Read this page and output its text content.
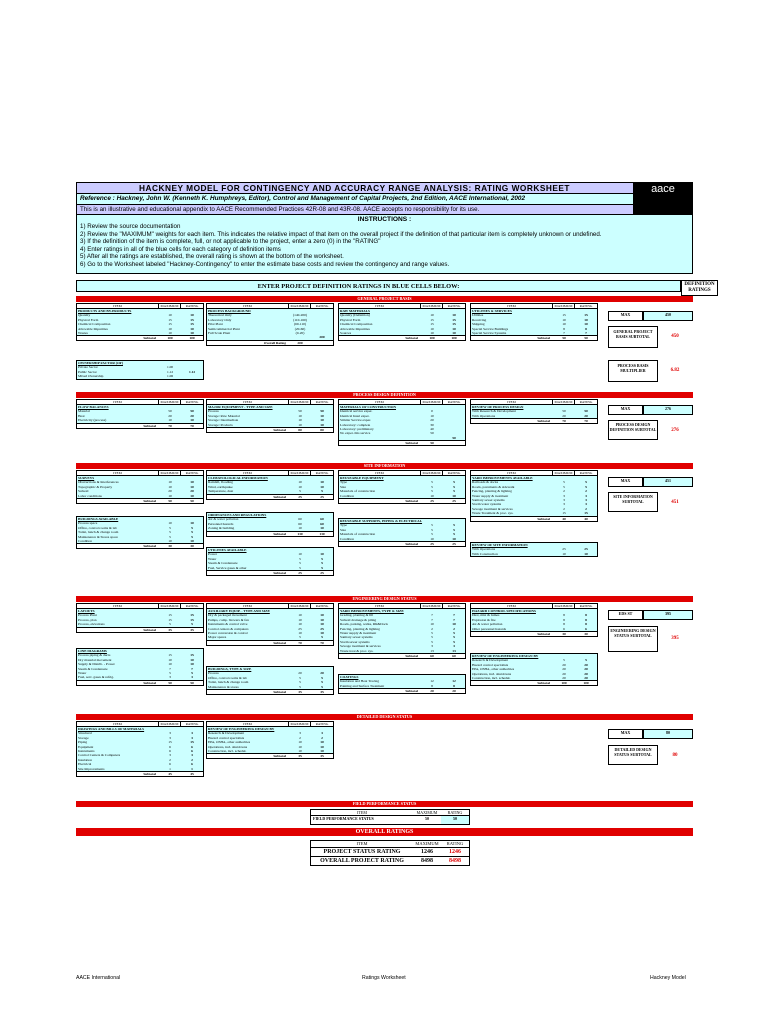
HACKNEY MODEL FOR CONTINGENCY AND ACCURACY RANGE ANALYSIS: RATING WORKSHEET
Reference : Hackney, John W. (Kenneth K. Humphreys, Editor), Control and Management of Capital Projects, 2nd Edition, AACE International, 2002
This is an illustrative and educational appendix to AACE Recommended Practices 42R-08 and 43R-08. AACE accepts no responsibility for its use.
aace
INSTRUCTIONS :
1) Review the source documentation
2) Review the "MAXIMUM" weights for each item. This indicates the relative impact of that item on the overall project if the definition of that particular item is completely unknown or undefined.
3) If the definition of the item is complete, full, or not applicable to the project, enter a zero (0) in the "RATING"
4) Enter ratings in all of the blue cells for each category of definition items
5) After all the ratings are established, the overall rating is shown at the bottom of the worksheet.
6) Go to the Worksheet labeled "Hackney-Contingency" to enter the estimate base costs and review the contingency and range values.
ENTER PROJECT DEFINITION RATINGS IN BLUE CELLS BELOW:	DEFINITION RATINGS
GENERAL PROJECT BASIS
PROCESS DESIGN DEFINITION
SITE INFORMATION
ENGINEERING DESIGN STATUS
DETAILED DESIGN STATUS
FIELD PERFORMANCE STATUS
OVERALL RATINGS
ITEM	MAXIMUM	RATING
PRODUCTS AND BY-PRODUCTS
Quantity	10	10
Physical Form	15	15
Chemical Composition	15	15
Allowable Impurities	10	10
Wastes	10	10
Subtotal	100	100
ITEM	MAXIMUM	RATING
PROCESS BACKGROUND
Theoretical Only	(140-200)
Laboratory Only	(110-160)
Pilot Plant	(60-110)
Semicommercial Plant	(20-60)
Full Scale Plant	(0-20)
200
Overall Rating	200
ITEM	MAXIMUM	RATING
RAW MATERIALS
Quantity (Definition)	10	10
Physical Form	15	15
Chemical Composition	15	15
Allowable Impurities	10	10
Sources	10	10
Subtotal	100	100
ITEM	MAXIMUM	RATING
UTILITIES & SERVICES
Utilities	15	15
Receiving	10	10
Shipping	10	10
Special Service Buildings	8	8
Special Service Systems	7	7
Subtotal	50	50
OWNERSHIP FACTOR (OF)
Private Sector	1.00
Public Sector	1.12	1.12
Mixed Ownership	1.06
ITEM	MAXIMUM	RATING
FLOW BALANCES
Material	50	50
Heat	20	20
Electricity (process)	10	10
Subtotal	70	70
ITEM	MAXIMUM	RATING
MAJOR EQUIPMENT - TYPE AND SIZE
Process	50	50
Storage: Raw Material	10	10
Storage: Intermediate	10	10
Storage: Products	10	10
Subtotal	80	80
ITEM	MAXIMUM	RATING
MATERIALS OF CONSTRUCTION
Identical service exper.	0
Identical Insul exper.	10
Similar Service exper.	20
Laboratory: complete	30
Laboratory: preliminary	40
No exper. this service	50
50
Subtotal	50
ITEM	MAXIMUM	RATING
REVIEW OF PROCESS DESIGN
With Research & Development	50	50
With Operations	20	20
Subtotal	70	70
ITEM	MAXIMUM	RATING
SURVEYS
Obstructions & Interferences	10	10
Topographic & Property	10	10
Subsoil	20	20
Labor conditions	10	10
Subtotal	50	50
BUILDINGS AVAILABLE
Process space	10	10
Office, control rooms & lab	5	5
Toilet, lunch & change room	5	5
Maintenance & Stores space	5	5
Condition	10	10
Subtotal	30	30
ITEM	MAXIMUM	RATING
CLIMATOLOGICAL INFORMATION
Rainfall, flooding	10	10
Wind, earthquake	10	10
Temperature, dust	5	5
Subtotal	25	25
ORDINANCES AND REGULATIONS
Air & water pollution	60	60
Personnel hazards	60	60
Zoning & building	10	10
Subtotal	130	130
UTILITIES AVAILABLE
Power	10	10
Water	5	5
Steam & Condensate	5	5
Fuel, Service gases & other	5	5
Subtotal	25	25
ITEM	MAXIMUM	RATING
REUSEABLE EQUIPMENT
Type	5	5
Size	5	5
Materials of construction	5	5
Condition	10	10
Subtotal	25	25
REUSEABLE SUPPORTS, PIPING & ELECTRICAL
Type	5	5
Size	5	5
Materials of construction	5	5
Condition	10	10
Subtotal	25	25
ITEM	MAXIMUM	RATING
YARD IMPROVEMENTS AVAILABLE
Railroads & docks	5	5
Roads, pavements & sidewalk	5	5
Fencing, planting & lighting	2	2
Water supply & treatment	3	3
Sanitary sewer systems	3	3
Storm water systems	3	3
Sewage treatment & services	2	2
Waste Treatment & proc. sys.	15	15
Subtotal	40	40
REVIEW OF SITE INFORMATION
With Operations	25	25
With Construction	10	10
ITEM	MAXIMUM	RATING
LAYOUTS
Process Plant	15	15
Process, plan	15	15
Process, elevations	5	5
Subtotal	35	35
LINE DIAGRAMS
Process piping & ducts	15	15
Dry material movement	10	10
Supply & Distrib. - Power	10	10
Steam & Condensate	7	7
Water	5	5
Fuel, serv. gases & refrig.	3	3
Subtotal	50	50
ITEM	MAXIMUM	RATING
AUXILIARY EQUIP. - TYPE AND SIZE
Dry & packaged movement	10	10
Pumps, comp. blowers & fan	10	10
Instruments & control valve	10	10
Control centers & computers	25	25
Power conversion & control	10	10
Major spares	5	5
Subtotal	70	70
BUILDINGS, TYPE & SIZE
Process	20	20
Office, control rooms & lab	5	5
Toilet, lunch & change room	5	5
Maintenance & stores	5	5
Subtotal	35	35
ITEM	MAXIMUM	RATING
YARD IMPROVEMENTS, TYPE & SIZE
Grading, planting & fill	7	7
Subsoil drainage & piling	7	7
Roads, parking, walks, RR&Dock	10	10
Fencing, planting & lighting	2	2
Water supply & treatment	5	5
Sanitary sewer systems	5	5
Storm sewer systems	5	5
Sewage treatment & services	3	3
Waste treat & proc. sys.	13	13
Subtotal	60	60
COATINGS
Insulation and Heat Tracing	12	12
Painting and Surface Treatment	8	8
Subtotal	20	20
ITEM	MAXIMUM	RATING
HAZARD CONTROL SPECIFICATIONS
Dust, mist & fumes	8	8
Explosion & fire	8	8
Air & water pollution	8	8
Other personnel hazards	6	6
Subtotal	30	30
REVIEW OF ENGINEERING DESIGN BY
Research & Development	5	5
Hazard control specialists	20	20
EPA, OSHA, other authorities	20	20
Operations, incl. shutdowns	20	20
Construction, incl. schedul.	20	20
Subtotal	100	100
ITEM	MAXIMUM	RATING
DRAWINGS AND BILLS OF MATERIALS
Structural	3	3
Storage	3	3
Piping	15	15
Equipment	6	6
Instruments	6	6
Control Centers & Computers	3	3
Insulation	2	2
Electrical	6	6
Site Improvements	1	1
Subtotal	45	45
ITEM	MAXIMUM	RATING
REVIEW OF ENGINEERING DESIGN BY
Research & Development	3	3
Hazard control specialists	2	2
EPA, OSHA, other authorities	10	10
Operations, incl. shutdowns	10	10
Construction, incl. schedul.	10	10
Subtotal	35	35
MAX	450
GENERAL PROJECT BASIS SUBTOTAL	450
PROCESS BASIS MULTIPLIER	6.82
MAX	276
PROCESS DESIGN DEFINITION SUBTOTAL	276
MAX	451
SITE INFORMATION SUBTOTAL	451
EDS ST	395
ENGINEERING DESIGN STATUS SUBTOTAL
395
MAX	80
DETAILED DESIGN STATUS SUBTOTAL	80
ITEM	MAXIMUM	RATING
FIELD PERFORMANCE STATUS	50	50
ITEM	MAXIMUM	RATING
PROJECT STATUS RATING	1246	1246
OVERALL PROJECT RATING	8498	8498
AACE International	Ratings Worksheet	Hackney Model
